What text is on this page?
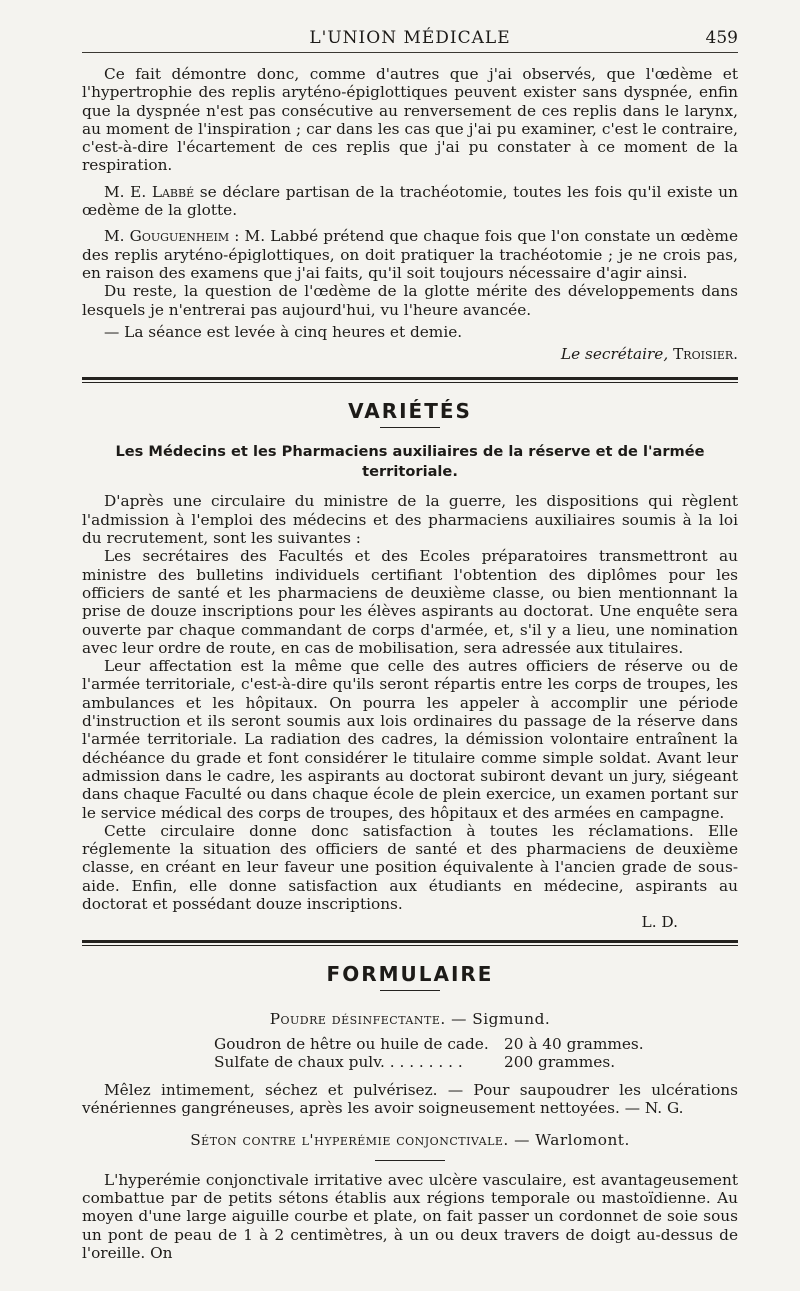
L'UNION MÉDICALE	459

Ce fait démontre donc, comme d'autres que j'ai observés, que l'œdème et l'hypertrophie des replis aryténo-épiglottiques peuvent exister sans dyspnée, enfin que la dyspnée n'est pas consécutive au renversement de ces replis dans le larynx, au moment de l'inspiration ; car dans les cas que j'ai pu examiner, c'est le contraire, c'est-à-dire l'écartement de ces replis que j'ai pu constater à ce moment de la respiration.

M. E. Labbé se déclare partisan de la trachéotomie, toutes les fois qu'il existe un œdème de la glotte.

M. Gouguenheim : M. Labbé prétend que chaque fois que l'on constate un œdème des replis aryténo-épiglottiques, on doit pratiquer la trachéotomie ; je ne crois pas, en raison des examens que j'ai faits, qu'il soit toujours nécessaire d'agir ainsi.

Du reste, la question de l'œdème de la glotte mérite des développements dans lesquels je n'entrerai pas aujourd'hui, vu l'heure avancée.

— La séance est levée à cinq heures et demie.

Le secrétaire, Troisier.
VARIÉTÉS
Les Médecins et les Pharmaciens auxiliaires de la réserve et de l'armée territoriale.

D'après une circulaire du ministre de la guerre, les dispositions qui règlent l'admission à l'emploi des médecins et des pharmaciens auxiliaires soumis à la loi du recrutement, sont les suivantes :

Les secrétaires des Facultés et des Ecoles préparatoires transmettront au ministre des bulletins individuels certifiant l'obtention des diplômes pour les officiers de santé et les pharmaciens de deuxième classe, ou bien mentionnant la prise de douze inscriptions pour les élèves aspirants au doctorat. Une enquête sera ouverte par chaque commandant de corps d'armée, et, s'il y a lieu, une nomination avec leur ordre de route, en cas de mobilisation, sera adressée aux titulaires.

Leur affectation est la même que celle des autres officiers de réserve ou de l'armée territoriale, c'est-à-dire qu'ils seront répartis entre les corps de troupes, les ambulances et les hôpitaux. On pourra les appeler à accomplir une période d'instruction et ils seront soumis aux lois ordinaires du passage de la réserve dans l'armée territoriale. La radiation des cadres, la démission volontaire entraînent la déchéance du grade et font considérer le titulaire comme simple soldat. Avant leur admission dans le cadre, les aspirants au doctorat subiront devant un jury, siégeant dans chaque Faculté ou dans chaque école de plein exercice, un examen portant sur le service médical des corps de troupes, des hôpitaux et des armées en campagne.

Cette circulaire donne donc satisfaction à toutes les réclamations. Elle réglemente la situation des officiers de santé et des pharmaciens de deuxième classe, en créant en leur faveur une position équivalente à l'ancien grade de sous-aide. Enfin, elle donne satisfaction aux étudiants en médecine, aspirants au doctorat et possédant douze inscriptions.

L. D.
FORMULAIRE
Poudre désinfectante. — Sigmund.
Goudron de hêtre ou huile de cade. 20 à 40 grammes.
Sulfate de chaux pulv. . . . . . . . .	200 grammes.

Mêlez intimement, séchez et pulvérisez. — Pour saupoudrer les ulcérations vénériennes gangréneuses, après les avoir soigneusement nettoyées. — N. G.

Séton contre l'hyperémie conjonctivale. — Warlomont.

L'hyperémie conjonctivale irritative avec ulcère vasculaire, est avantageusement combattue par de petits sétons établis aux régions temporale ou mastoïdienne. Au moyen d'une large aiguille courbe et plate, on fait passer un cordonnet de soie sous un pont de peau de 1 à 2 centimètres, à un ou deux travers de doigt au-dessus de l'oreille. On
